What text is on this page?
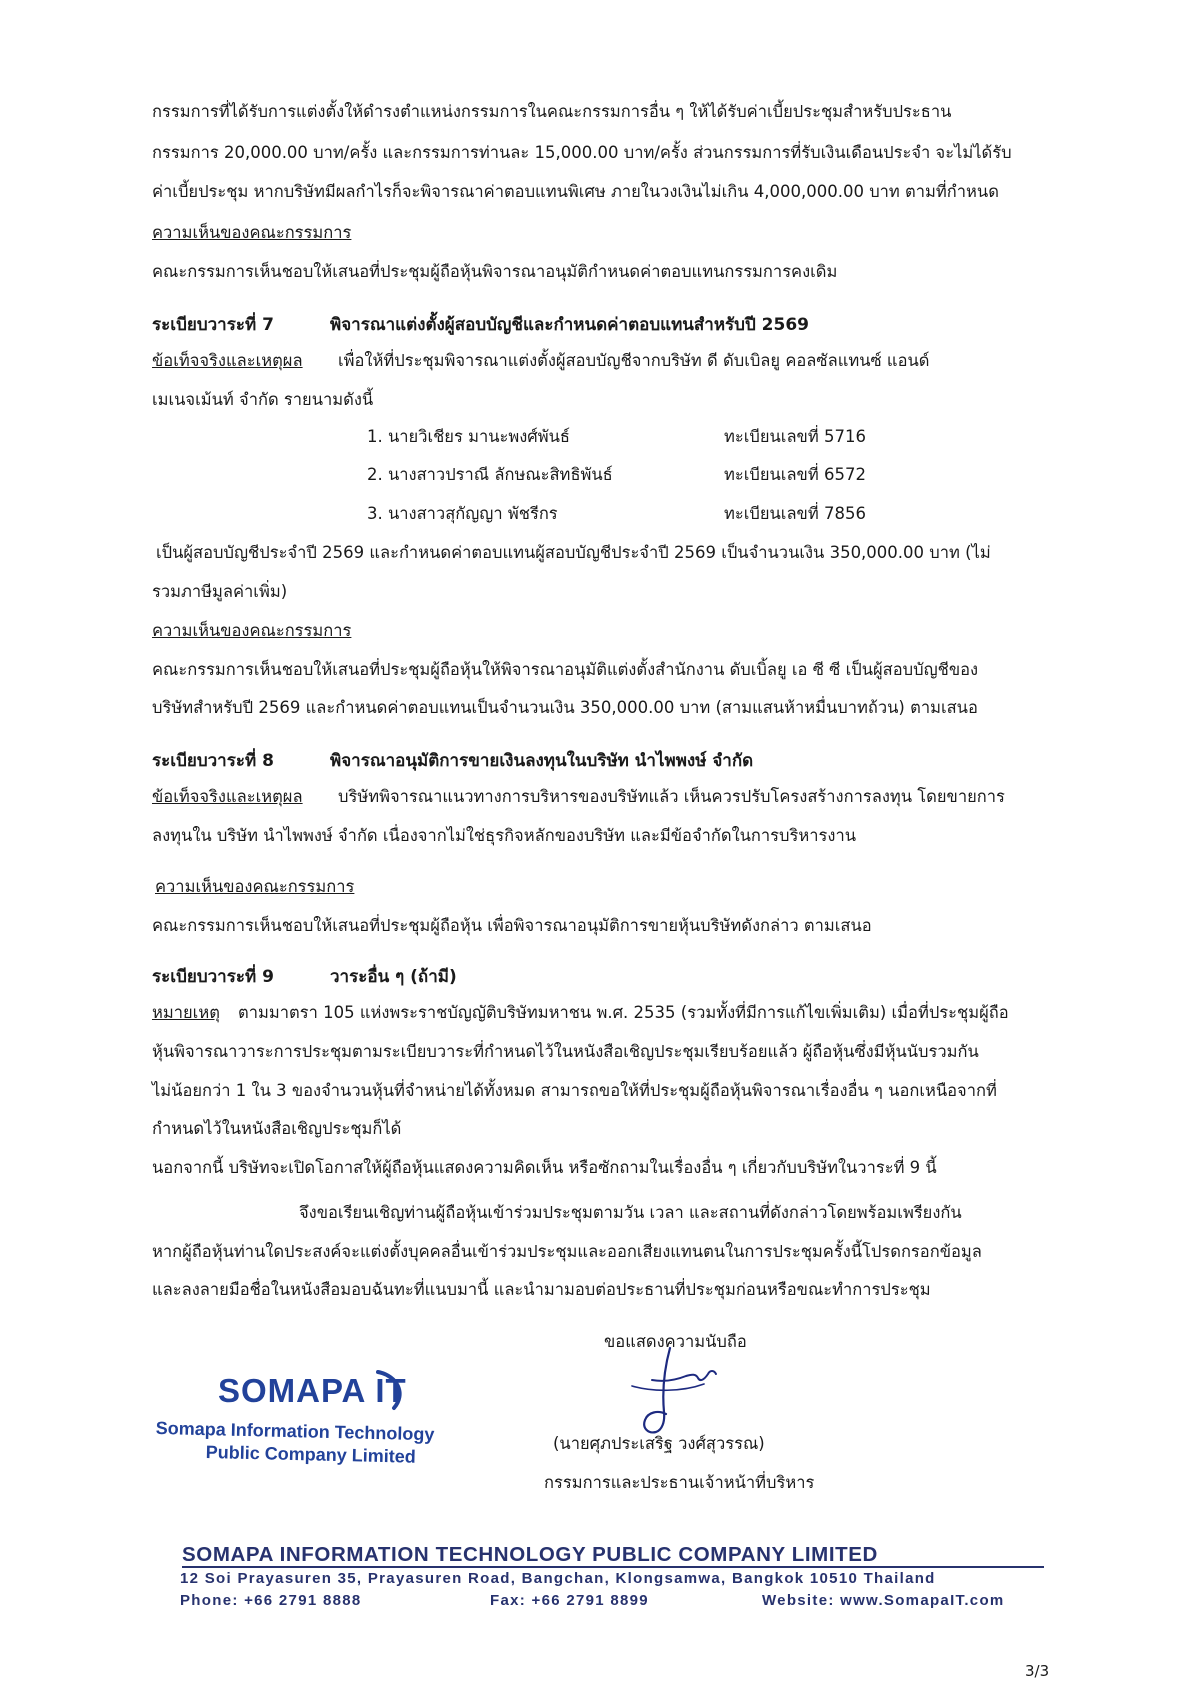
กรรมการที่ได้รับการแต่งตั้งให้ดำรงตำแหน่งกรรมการในคณะกรรมการอื่น ๆ ให้ได้รับค่าเบี้ยประชุมสำหรับประธาน
กรรมการ 20,000.00 บาท/ครั้ง และกรรมการท่านละ 15,000.00 บาท/ครั้ง ส่วนกรรมการที่รับเงินเดือนประจำ จะไม่ได้รับ
ค่าเบี้ยประชุม หากบริษัทมีผลกำไรก็จะพิจารณาค่าตอบแทนพิเศษ ภายในวงเงินไม่เกิน 4,000,000.00 บาท ตามที่กำหนด
ความเห็นของคณะกรรมการ
คณะกรรมการเห็นชอบให้เสนอที่ประชุมผู้ถือหุ้นพิจารณาอนุมัติกำหนดค่าตอบแทนกรรมการคงเดิม
ระเบียบวาระที่ 7	พิจารณาแต่งตั้งผู้สอบบัญชีและกำหนดค่าตอบแทนสำหรับปี 2569
ข้อเท็จจริงและเหตุผล เพื่อให้ที่ประชุมพิจารณาแต่งตั้งผู้สอบบัญชีจากบริษัท ดี ดับเบิลยู คอลซัลแทนซ์ แอนด์
เมเนจเม้นท์ จำกัด รายนามดังนี้
1. นายวิเชียร มานะพงศ์พันธ์	ทะเบียนเลขที่ 5716
2. นางสาวปราณี ลักษณะสิทธิพันธ์	ทะเบียนเลขที่ 6572
3. นางสาวสุกัญญา พัชรีกร	ทะเบียนเลขที่ 7856
เป็นผู้สอบบัญชีประจำปี 2569 และกำหนดค่าตอบแทนผู้สอบบัญชีประจำปี 2569 เป็นจำนวนเงิน 350,000.00 บาท (ไม่
รวมภาษีมูลค่าเพิ่ม)
ความเห็นของคณะกรรมการ
คณะกรรมการเห็นชอบให้เสนอที่ประชุมผู้ถือหุ้นให้พิจารณาอนุมัติแต่งตั้งสำนักงาน ดับเบิ้ลยู เอ ซี ซี เป็นผู้สอบบัญชีของ
บริษัทสำหรับปี 2569 และกำหนดค่าตอบแทนเป็นจำนวนเงิน 350,000.00 บาท (สามแสนห้าหมื่นบาทถ้วน) ตามเสนอ
ระเบียบวาระที่ 8	พิจารณาอนุมัติการขายเงินลงทุนในบริษัท นำไพพงษ์ จำกัด
ข้อเท็จจริงและเหตุผล บริษัทพิจารณาแนวทางการบริหารของบริษัทแล้ว เห็นควรปรับโครงสร้างการลงทุน โดยขายการ
ลงทุนใน บริษัท นำไพพงษ์ จำกัด เนื่องจากไม่ใช่ธุรกิจหลักของบริษัท และมีข้อจำกัดในการบริหารงาน
ความเห็นของคณะกรรมการ
คณะกรรมการเห็นชอบให้เสนอที่ประชุมผู้ถือหุ้น เพื่อพิจารณาอนุมัติการขายหุ้นบริษัทดังกล่าว ตามเสนอ
ระเบียบวาระที่ 9	วาระอื่น ๆ (ถ้ามี)
หมายเหตุ ตามมาตรา 105 แห่งพระราชบัญญัติบริษัทมหาชน พ.ศ. 2535 (รวมทั้งที่มีการแก้ไขเพิ่มเติม) เมื่อที่ประชุมผู้ถือ
หุ้นพิจารณาวาระการประชุมตามระเบียบวาระที่กำหนดไว้ในหนังสือเชิญประชุมเรียบร้อยแล้ว ผู้ถือหุ้นซึ่งมีหุ้นนับรวมกัน
ไม่น้อยกว่า 1 ใน 3 ของจำนวนหุ้นที่จำหน่ายได้ทั้งหมด สามารถขอให้ที่ประชุมผู้ถือหุ้นพิจารณาเรื่องอื่น ๆ นอกเหนือจากที่
กำหนดไว้ในหนังสือเชิญประชุมก็ได้
นอกจากนี้ บริษัทจะเปิดโอกาสให้ผู้ถือหุ้นแสดงความคิดเห็น หรือซักถามในเรื่องอื่น ๆ เกี่ยวกับบริษัทในวาระที่ 9 นี้
จึงขอเรียนเชิญท่านผู้ถือหุ้นเข้าร่วมประชุมตามวัน เวลา และสถานที่ดังกล่าวโดยพร้อมเพรียงกัน
หากผู้ถือหุ้นท่านใดประสงค์จะแต่งตั้งบุคคลอื่นเข้าร่วมประชุมและออกเสียงแทนตนในการประชุมครั้งนี้โปรดกรอกข้อมูล
และลงลายมือชื่อในหนังสือมอบฉันทะที่แนบมานี้ และนำมามอบต่อประธานที่ประชุมก่อนหรือขณะทำการประชุม
ขอแสดงความนับถือ
(นายศุภประเสริฐ วงศ์สุวรรณ)
กรรมการและประธานเจ้าหน้าที่บริหาร
SOMAPA IT
Somapa Information Technology
Public Company Limited
SOMAPA INFORMATION TECHNOLOGY PUBLIC COMPANY LIMITED
12 Soi Prayasuren 35, Prayasuren Road, Bangchan, Klongsamwa, Bangkok 10510 Thailand
Phone: +66 2791 8888	Fax: +66 2791 8899	Website: www.SomapaIT.com
3/3
